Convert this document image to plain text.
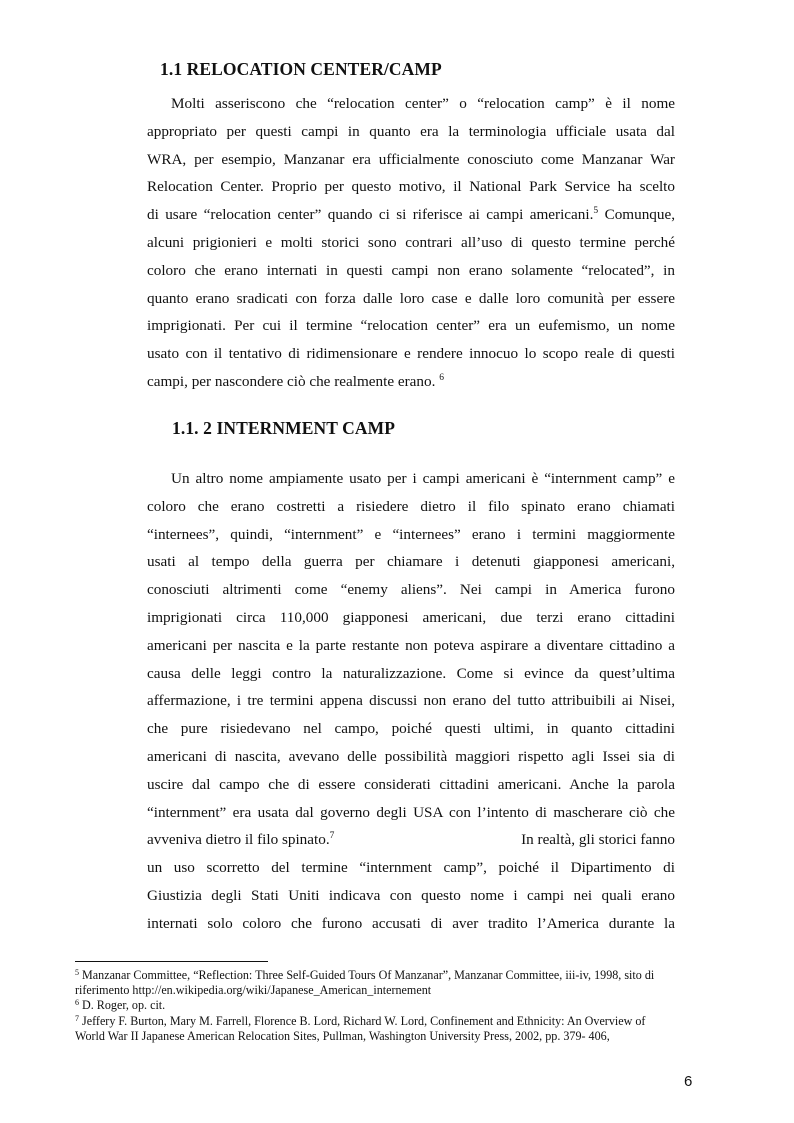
1.1 RELOCATION CENTER/CAMP
Molti asseriscono che “relocation center” o “relocation camp” è il nome
appropriato per questi campi in quanto era la terminologia ufficiale usata dal
WRA, per esempio, Manzanar era ufficialmente conosciuto come Manzanar War
Relocation Center. Proprio per questo motivo, il National Park Service ha scelto
di usare “relocation center” quando ci si riferisce ai campi americani.$^5$ Comunque,
alcuni prigionieri e molti storici sono contrari all’uso di questo termine perché
coloro che erano internati in questi campi non erano solamente “relocated”, in
quanto erano sradicati con forza dalle loro case e dalle loro comunità per essere
imprigionati. Per cui il termine “relocation center” era un eufemismo, un nome
usato con il tentativo di ridimensionare e rendere innocuo lo scopo reale di questi
campi, per nascondere ciò che realmente erano. $^6$
1.1. 2 INTERNMENT CAMP
Un altro nome ampiamente usato per i campi americani è “internment camp” e
coloro che erano costretti a risiedere dietro il filo spinato erano chiamati
“internees”, quindi, “internment” e “internees” erano i termini maggiormente
usati al tempo della guerra per chiamare i detenuti giapponesi americani,
conosciuti altrimenti come “enemy aliens”. Nei campi in America furono
imprigionati circa 110,000 giapponesi americani, due terzi erano cittadini
americani per nascita e la parte restante non poteva aspirare a diventare cittadino a
causa delle leggi contro la naturalizzazione. Come si evince da quest’ultima
affermazione, i tre termini appena discussi non erano del tutto attribuibili ai Nisei,
che pure risiedevano nel campo, poiché questi ultimi, in quanto cittadini
americani di nascita, avevano delle possibilità maggiori rispetto agli Issei sia di
uscire dal campo che di essere considerati cittadini americani. Anche la parola
“internment” era usata dal governo degli USA con l’intento di mascherare ciò che
avveniva dietro il filo spinato.$^7$	In realtà, gli storici fanno
un uso scorretto del termine “internment camp”, poiché il Dipartimento di
Giustizia degli Stati Uniti indicava con questo nome i campi nei quali erano
internati solo coloro che furono accusati di aver tradito l’America durante la
$^5$ Manzanar Committee, “Reflection: Three Self-Guided Tours Of Manzanar”, Manzanar Committee, iii-iv, 1998, sito di
riferimento http://en.wikipedia.org/wiki/Japanese_American_internement
$^6$ D. Roger, op. cit.
$^7$ Jeffery F. Burton, Mary M. Farrell, Florence B. Lord, Richard W. Lord, Confinement and Ethnicity: An Overview of
World War II Japanese American Relocation Sites, Pullman, Washington University Press, 2002, pp. 379- 406,
6
